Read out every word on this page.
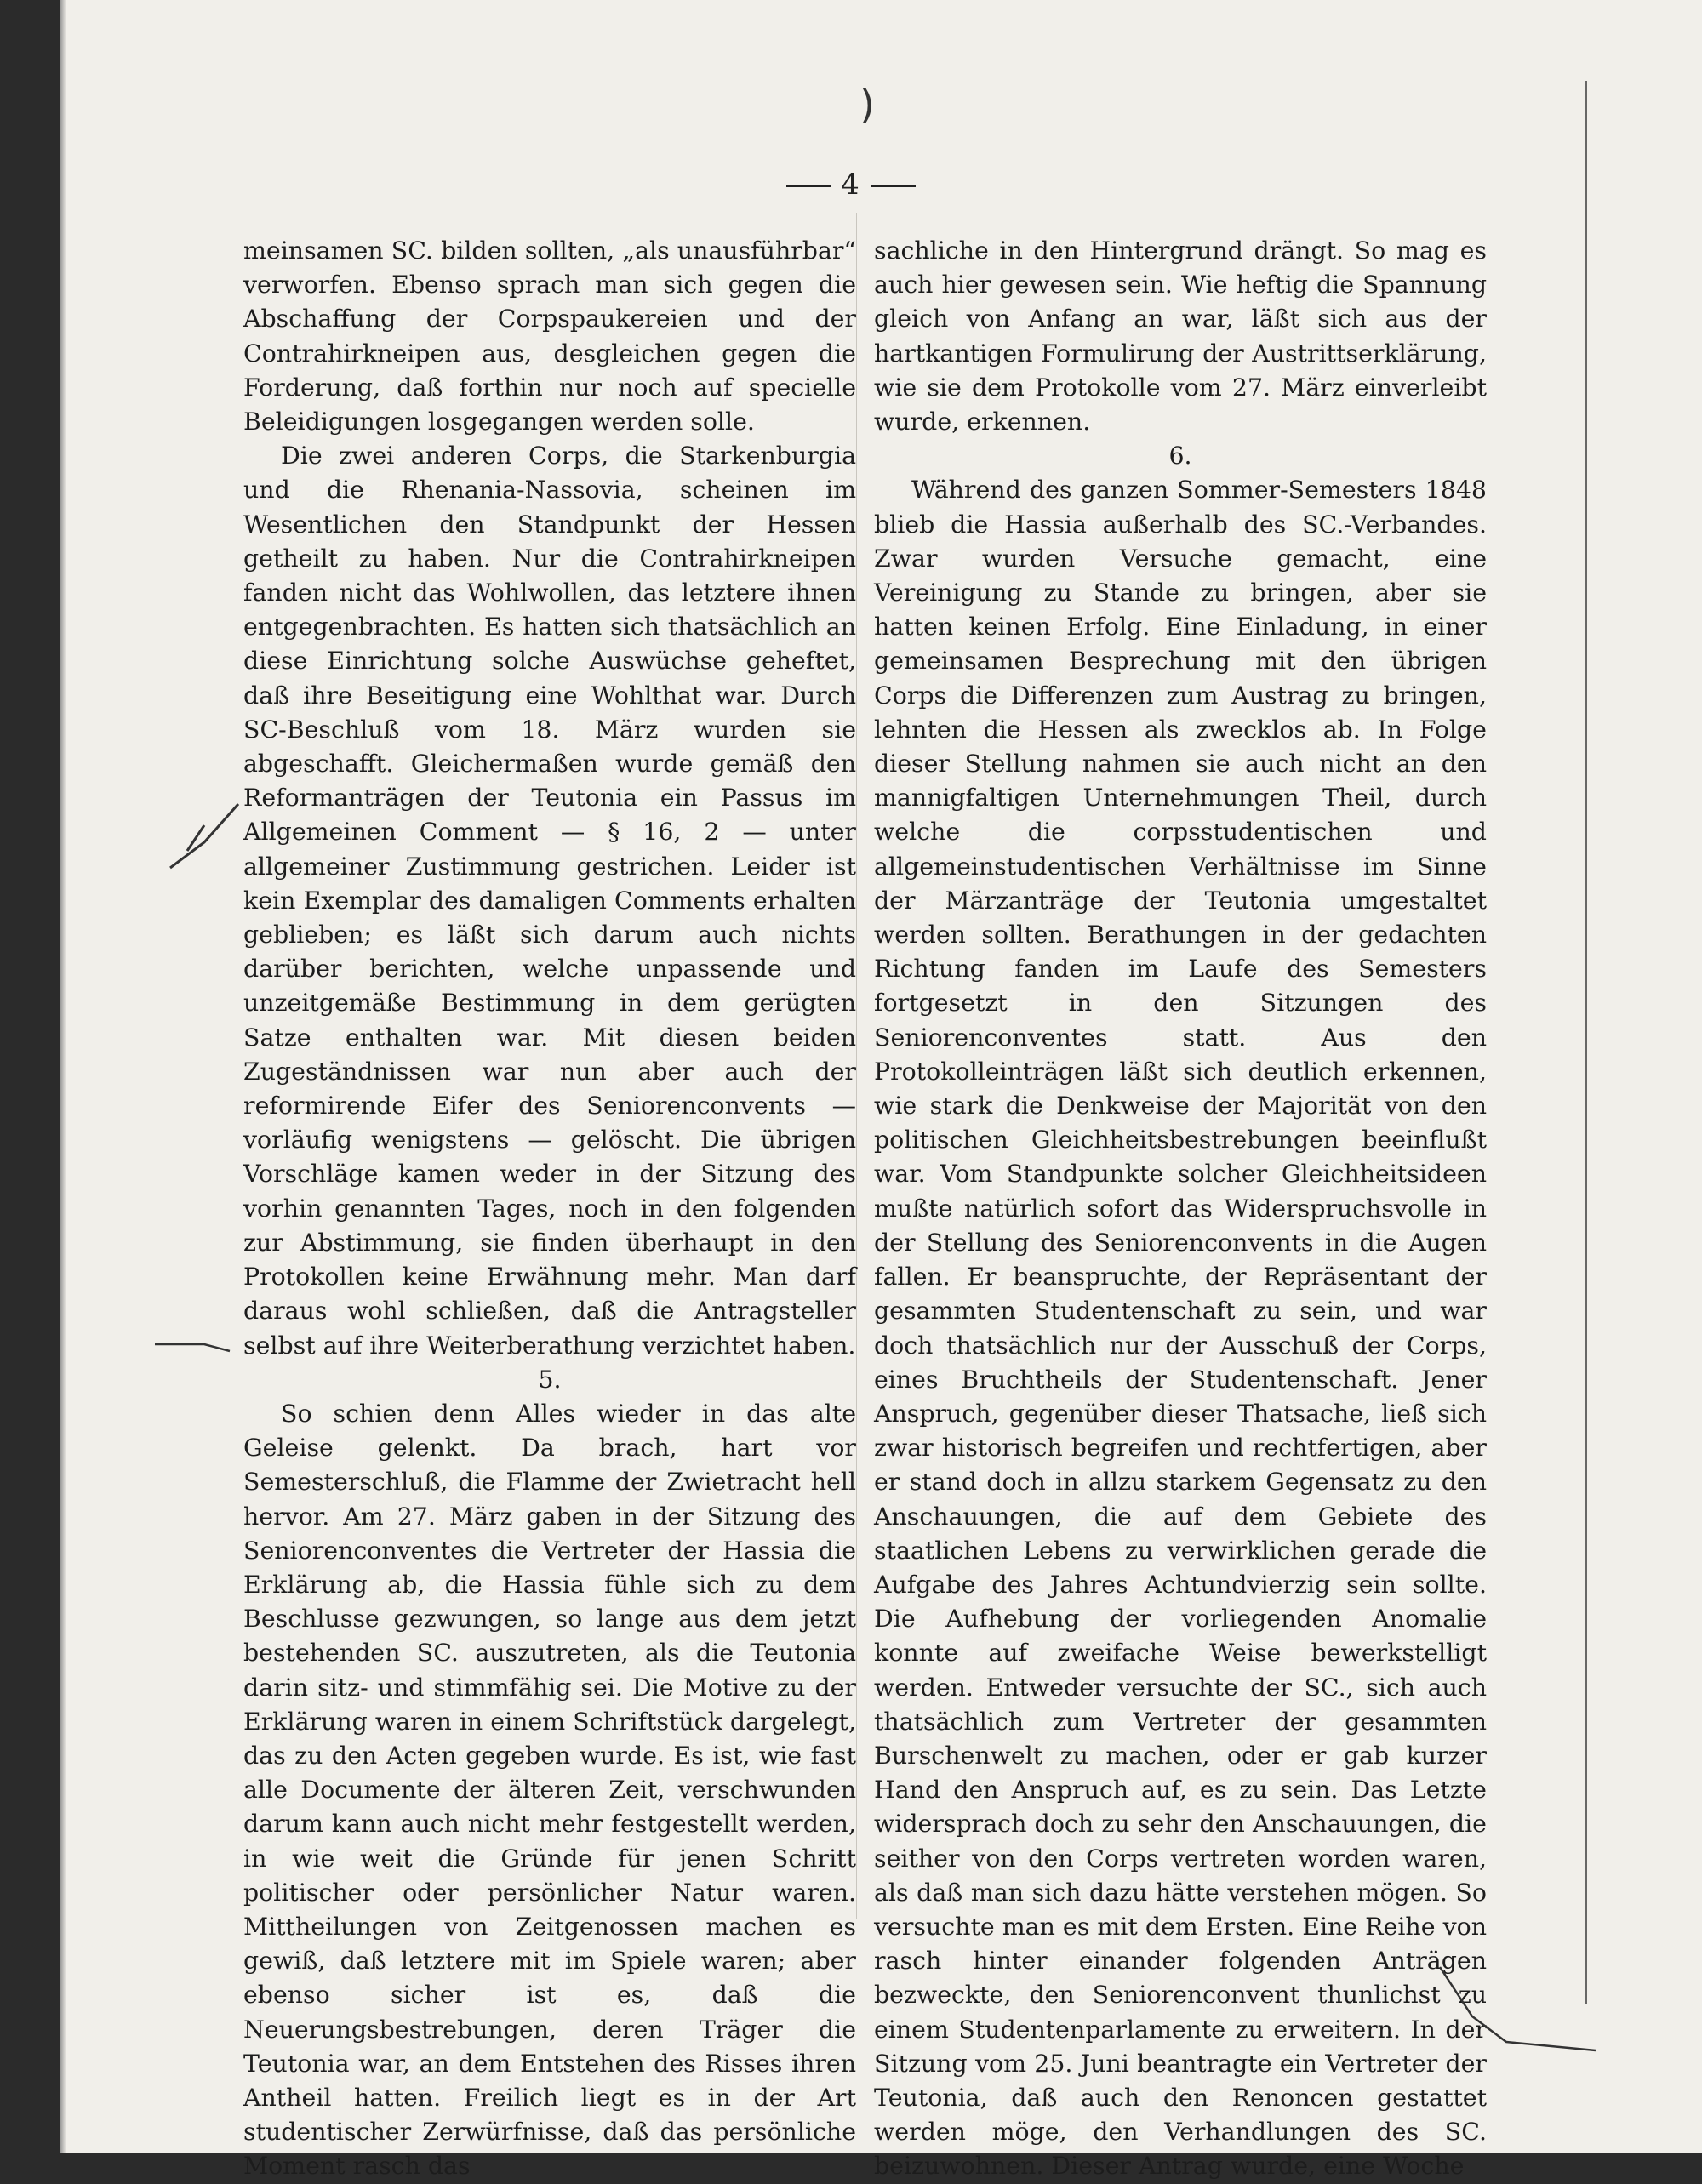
)
4

meinsamen SC. bilden sollten, „als unausführbar“ verworfen. Ebenso sprach man sich gegen die Abschaffung der Corpspaukereien und der Contrahirkneipen aus, desgleichen gegen die Forderung, daß forthin nur noch auf specielle Beleidigungen losgegangen werden solle.

Die zwei anderen Corps, die Starkenburgia und die Rhenania-Nassovia, scheinen im Wesentlichen den Standpunkt der Hessen getheilt zu haben. Nur die Contrahirkneipen fanden nicht das Wohlwollen, das letztere ihnen entgegenbrachten. Es hatten sich thatsächlich an diese Einrichtung solche Auswüchse geheftet, daß ihre Beseitigung eine Wohlthat war. Durch SC-Beschluß vom 18. März wurden sie abgeschafft. Gleichermaßen wurde gemäß den Reformanträgen der Teutonia ein Passus im Allgemeinen Comment — § 16, 2 — unter allgemeiner Zustimmung gestrichen. Leider ist kein Exemplar des damaligen Comments erhalten geblieben; es läßt sich darum auch nichts darüber berichten, welche unpassende und unzeitgemäße Bestimmung in dem gerügten Satze enthalten war. Mit diesen beiden Zugeständnissen war nun aber auch der reformirende Eifer des Seniorenconvents — vorläufig wenigstens — gelöscht. Die übrigen Vorschläge kamen weder in der Sitzung des vorhin genannten Tages, noch in den folgenden zur Abstimmung, sie finden überhaupt in den Protokollen keine Erwähnung mehr. Man darf daraus wohl schließen, daß die Antragsteller selbst auf ihre Weiterberathung verzichtet haben.

5.

So schien denn Alles wieder in das alte Geleise gelenkt. Da brach, hart vor Semesterschluß, die Flamme der Zwietracht hell hervor. Am 27. März gaben in der Sitzung des Seniorenconventes die Vertreter der Hassia die Erklärung ab, die Hassia fühle sich zu dem Beschlusse gezwungen, so lange aus dem jetzt bestehenden SC. auszutreten, als die Teutonia darin sitz- und stimmfähig sei. Die Motive zu der Erklärung waren in einem Schriftstück dargelegt, das zu den Acten gegeben wurde. Es ist, wie fast alle Documente der älteren Zeit, verschwunden darum kann auch nicht mehr festgestellt werden, in wie weit die Gründe für jenen Schritt politischer oder persönlicher Natur waren. Mittheilungen von Zeitgenossen machen es gewiß, daß letztere mit im Spiele waren; aber ebenso sicher ist es, daß die Neuerungsbestrebungen, deren Träger die Teutonia war, an dem Entstehen des Risses ihren Antheil hatten. Freilich liegt es in der Art studentischer Zerwürfnisse, daß das persönliche Moment rasch das

sachliche in den Hintergrund drängt. So mag es auch hier gewesen sein. Wie heftig die Spannung gleich von Anfang an war, läßt sich aus der hartkantigen Formulirung der Austrittserklärung, wie sie dem Protokolle vom 27. März einverleibt wurde, erkennen.

6.

Während des ganzen Sommer-Semesters 1848 blieb die Hassia außerhalb des SC.-Verbandes. Zwar wurden Versuche gemacht, eine Vereinigung zu Stande zu bringen, aber sie hatten keinen Erfolg. Eine Einladung, in einer gemeinsamen Besprechung mit den übrigen Corps die Differenzen zum Austrag zu bringen, lehnten die Hessen als zwecklos ab. In Folge dieser Stellung nahmen sie auch nicht an den mannigfaltigen Unternehmungen Theil, durch welche die corpsstudentischen und allgemeinstudentischen Verhältnisse im Sinne der Märzanträge der Teutonia umgestaltet werden sollten. Berathungen in der gedachten Richtung fanden im Laufe des Semesters fortgesetzt in den Sitzungen des Seniorenconventes statt. Aus den Protokolleinträgen läßt sich deutlich erkennen, wie stark die Denkweise der Majorität von den politischen Gleichheitsbestrebungen beeinflußt war. Vom Standpunkte solcher Gleichheitsideen mußte natürlich sofort das Widerspruchsvolle in der Stellung des Seniorenconvents in die Augen fallen. Er beanspruchte, der Repräsentant der gesammten Studentenschaft zu sein, und war doch thatsächlich nur der Ausschuß der Corps, eines Bruchtheils der Studentenschaft. Jener Anspruch, gegenüber dieser Thatsache, ließ sich zwar historisch begreifen und rechtfertigen, aber er stand doch in allzu starkem Gegensatz zu den Anschauungen, die auf dem Gebiete des staatlichen Lebens zu verwirklichen gerade die Aufgabe des Jahres Achtundvierzig sein sollte. Die Aufhebung der vorliegenden Anomalie konnte auf zweifache Weise bewerkstelligt werden. Entweder versuchte der SC., sich auch thatsächlich zum Vertreter der gesammten Burschenwelt zu machen, oder er gab kurzer Hand den Anspruch auf, es zu sein. Das Letzte widersprach doch zu sehr den Anschauungen, die seither von den Corps vertreten worden waren, als daß man sich dazu hätte verstehen mögen. So versuchte man es mit dem Ersten. Eine Reihe von rasch hinter einander folgenden Anträgen bezweckte, den Seniorenconvent thunlichst zu einem Studentenparlamente zu erweitern. In der Sitzung vom 25. Juni beantragte ein Vertreter der Teutonia, daß auch den Renoncen gestattet werden möge, den Verhandlungen des SC. beizuwohnen. Dieser Antrag wurde, eine Woche
